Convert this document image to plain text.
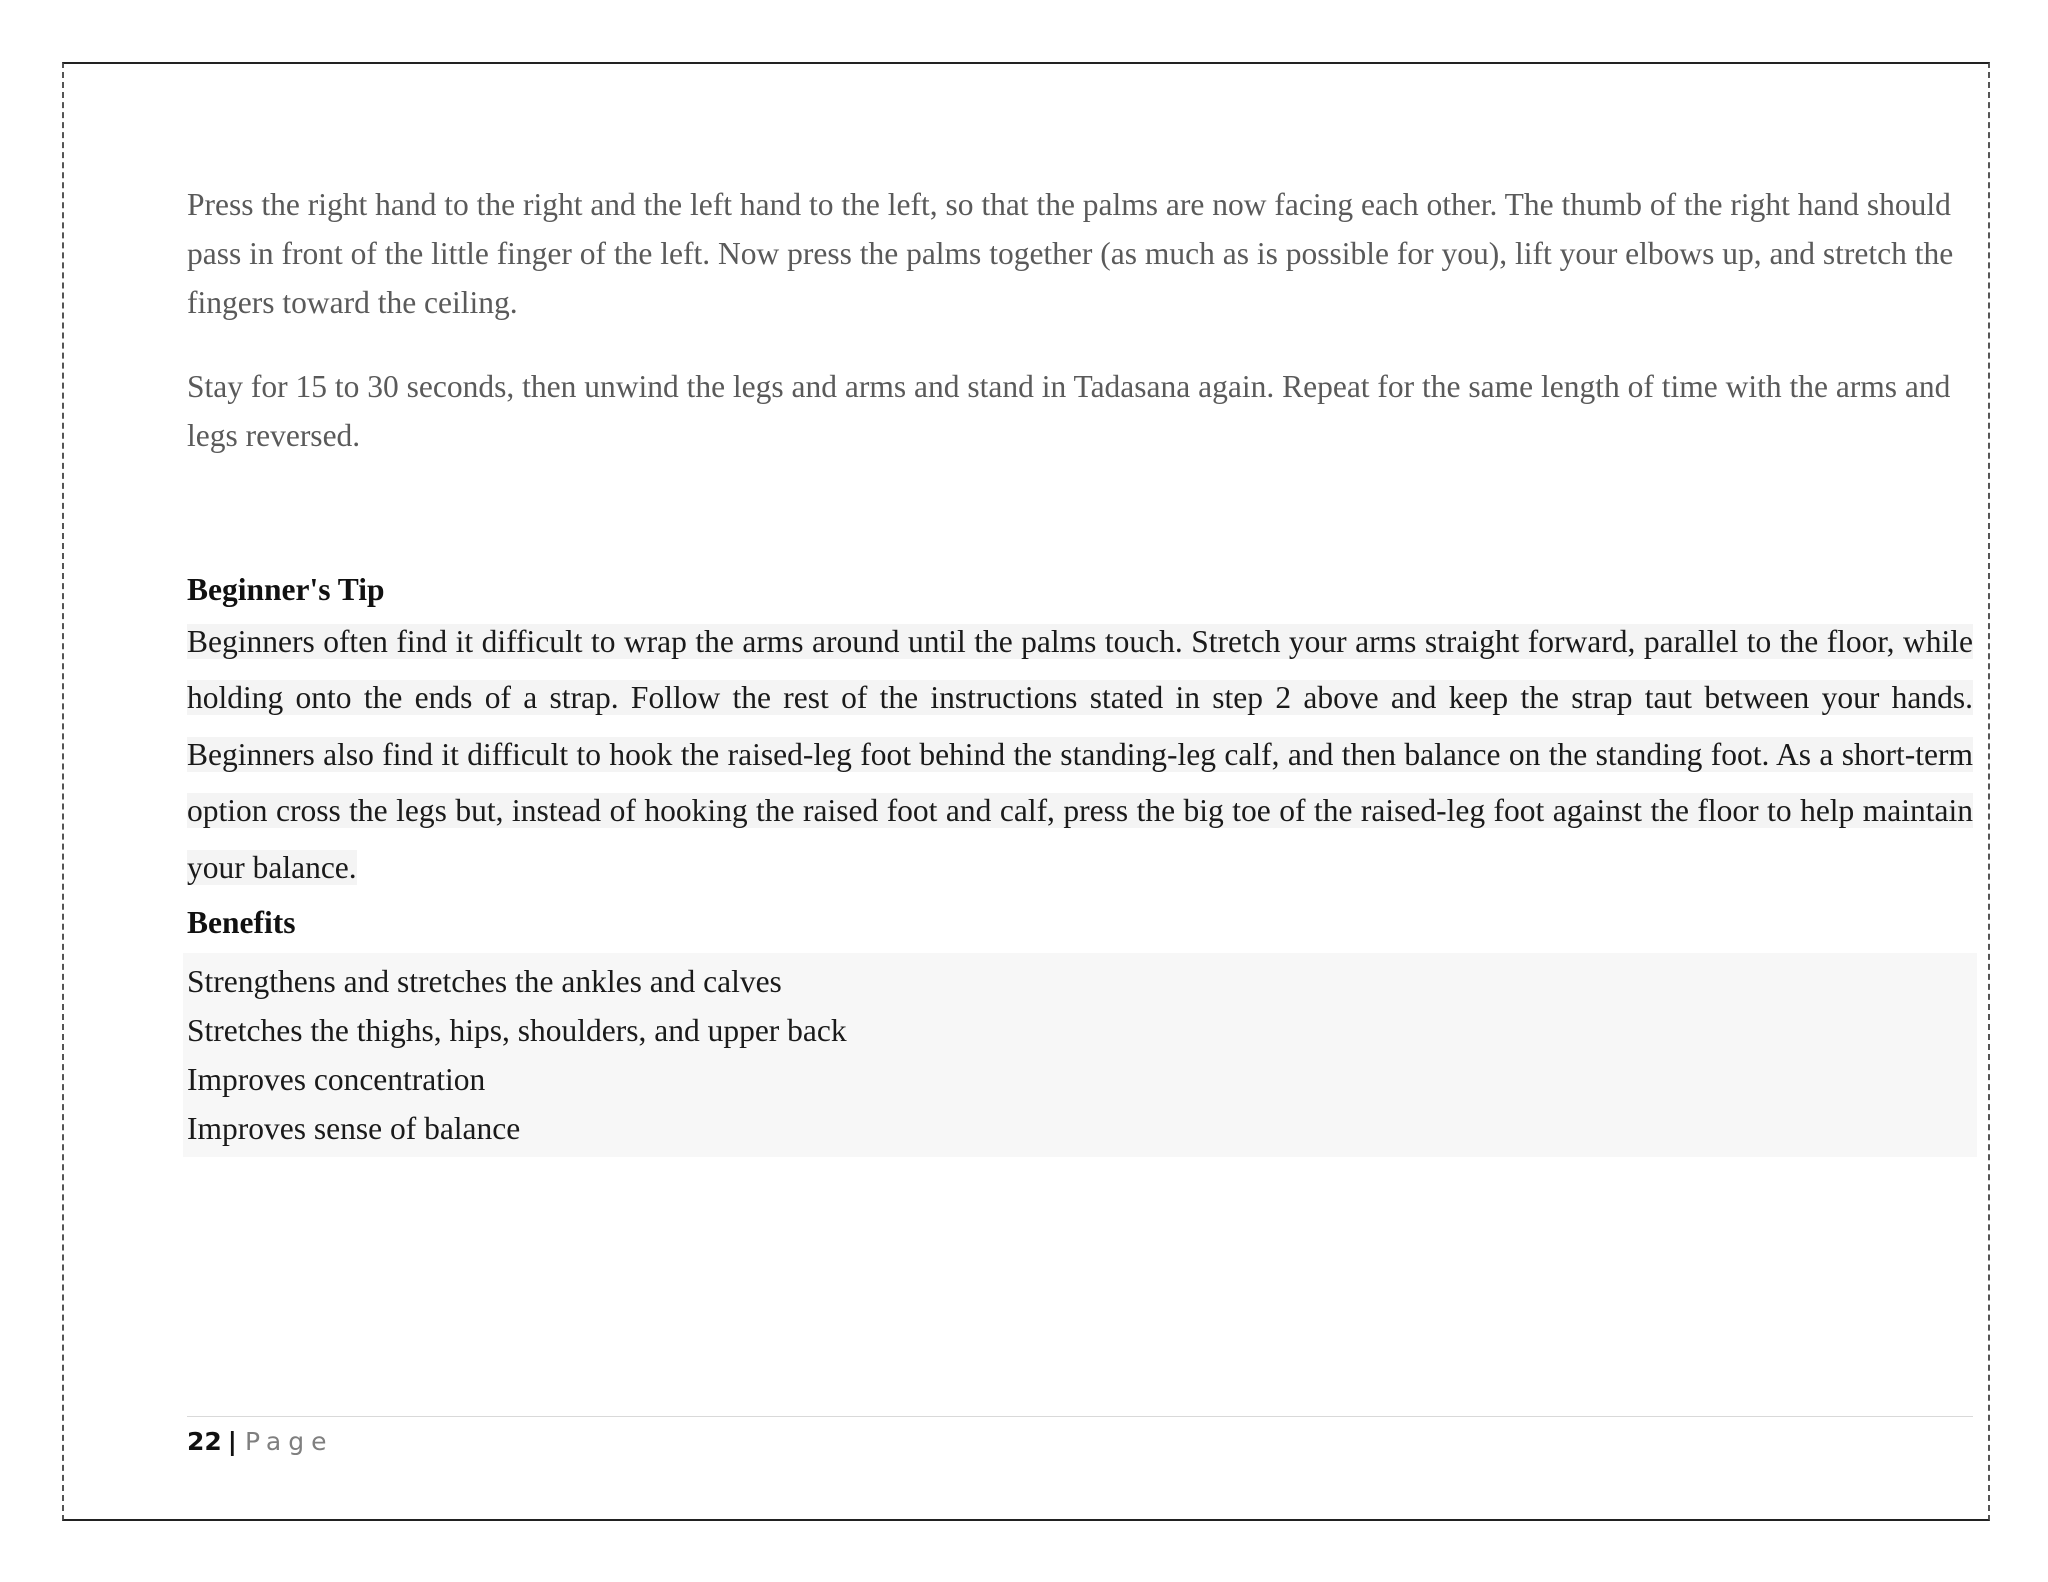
Press the right hand to the right and the left hand to the left, so that the palms are now facing each other. The thumb of the right hand should pass in front of the little finger of the left. Now press the palms together (as much as is possible for you), lift your elbows up, and stretch the fingers toward the ceiling.

Stay for 15 to 30 seconds, then unwind the legs and arms and stand in Tadasana again. Repeat for the same length of time with the arms and legs reversed.

Beginner's Tip

Beginners often find it difficult to wrap the arms around until the palms touch. Stretch your arms straight forward, parallel to the floor, while holding onto the ends of a strap. Follow the rest of the instructions stated in step 2 above and keep the strap taut between your hands. Beginners also find it difficult to hook the raised-leg foot behind the standing-leg calf, and then balance on the standing foot. As a short-term option cross the legs but, instead of hooking the raised foot and calf, press the big toe of the raised-leg foot against the floor to help maintain your balance.

Benefits
Strengthens and stretches the ankles and calves
Stretches the thighs, hips, shoulders, and upper back
Improves concentration
Improves sense of balance
22 | Page
